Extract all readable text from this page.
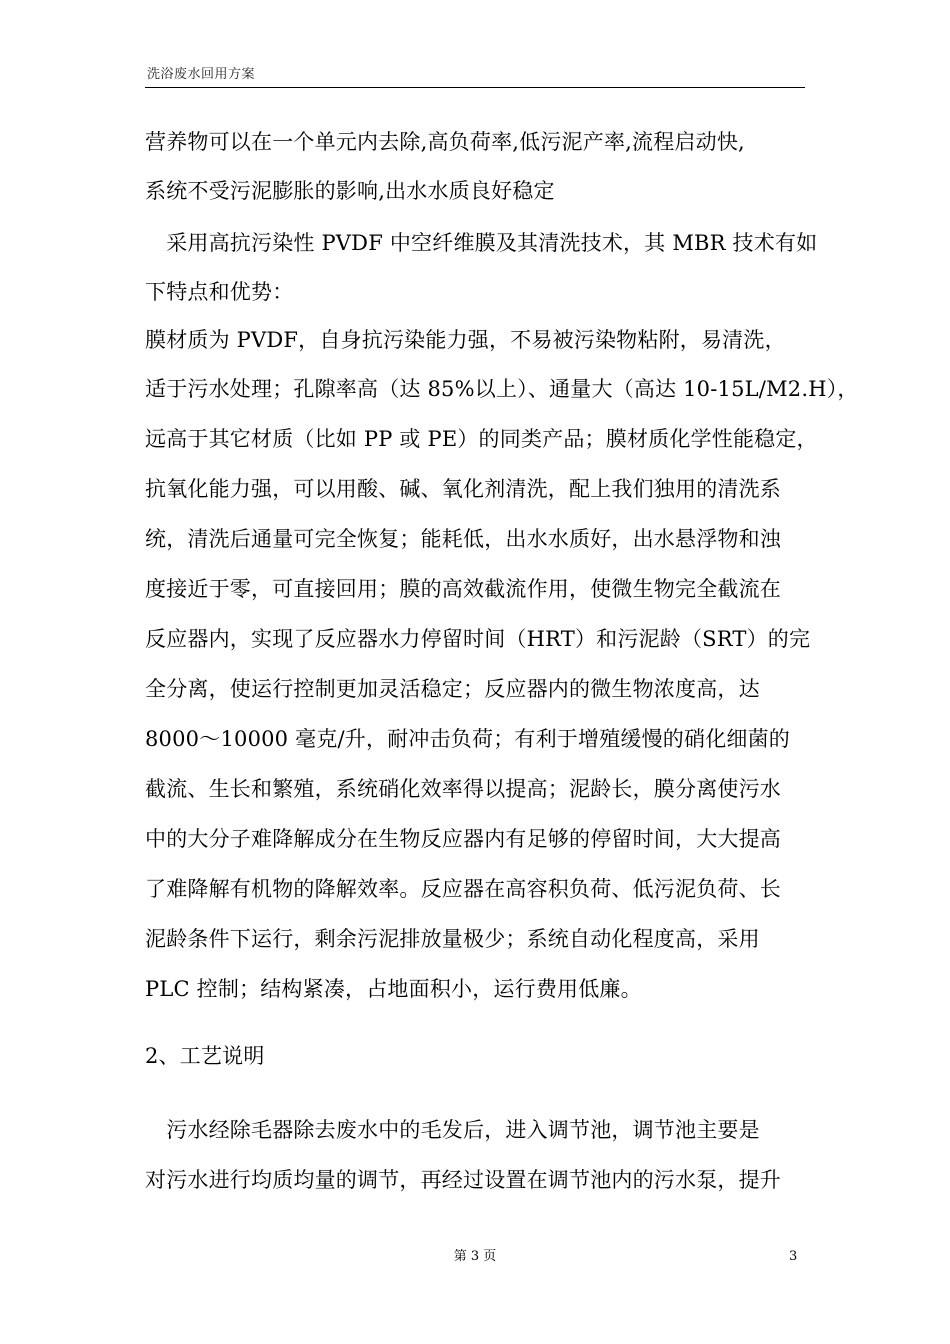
洗浴废水回用方案
营养物可以在一个单元内去除,高负荷率,低污泥产率,流程启动快,
系统不受污泥膨胀的影响,出水水质良好稳定
　采用高抗污染性 PVDF 中空纤维膜及其清洗技术，其 MBR 技术有如
下特点和优势：
膜材质为 PVDF，自身抗污染能力强，不易被污染物粘附，易清洗，
适于污水处理；孔隙率高（达 85%以上）、通量大（高达 10-15L/M2.H），
远高于其它材质（比如 PP 或 PE）的同类产品；膜材质化学性能稳定，
抗氧化能力强，可以用酸、碱、氧化剂清洗，配上我们独用的清洗系
统，清洗后通量可完全恢复；能耗低，出水水质好，出水悬浮物和浊
度接近于零，可直接回用；膜的高效截流作用，使微生物完全截流在
反应器内，实现了反应器水力停留时间（HRT）和污泥龄（SRT）的完
全分离，使运行控制更加灵活稳定；反应器内的微生物浓度高，达
8000～10000 毫克/升，耐冲击负荷；有利于增殖缓慢的硝化细菌的
截流、生长和繁殖，系统硝化效率得以提高；泥龄长，膜分离使污水
中的大分子难降解成分在生物反应器内有足够的停留时间，大大提高
了难降解有机物的降解效率。反应器在高容积负荷、低污泥负荷、长
泥龄条件下运行，剩余污泥排放量极少；系统自动化程度高，采用
PLC 控制；结构紧凑，占地面积小，运行费用低廉。
2、工艺说明
　污水经除毛器除去废水中的毛发后，进入调节池，调节池主要是
对污水进行均质均量的调节，再经过设置在调节池内的污水泵，提升
第 3 页	3
